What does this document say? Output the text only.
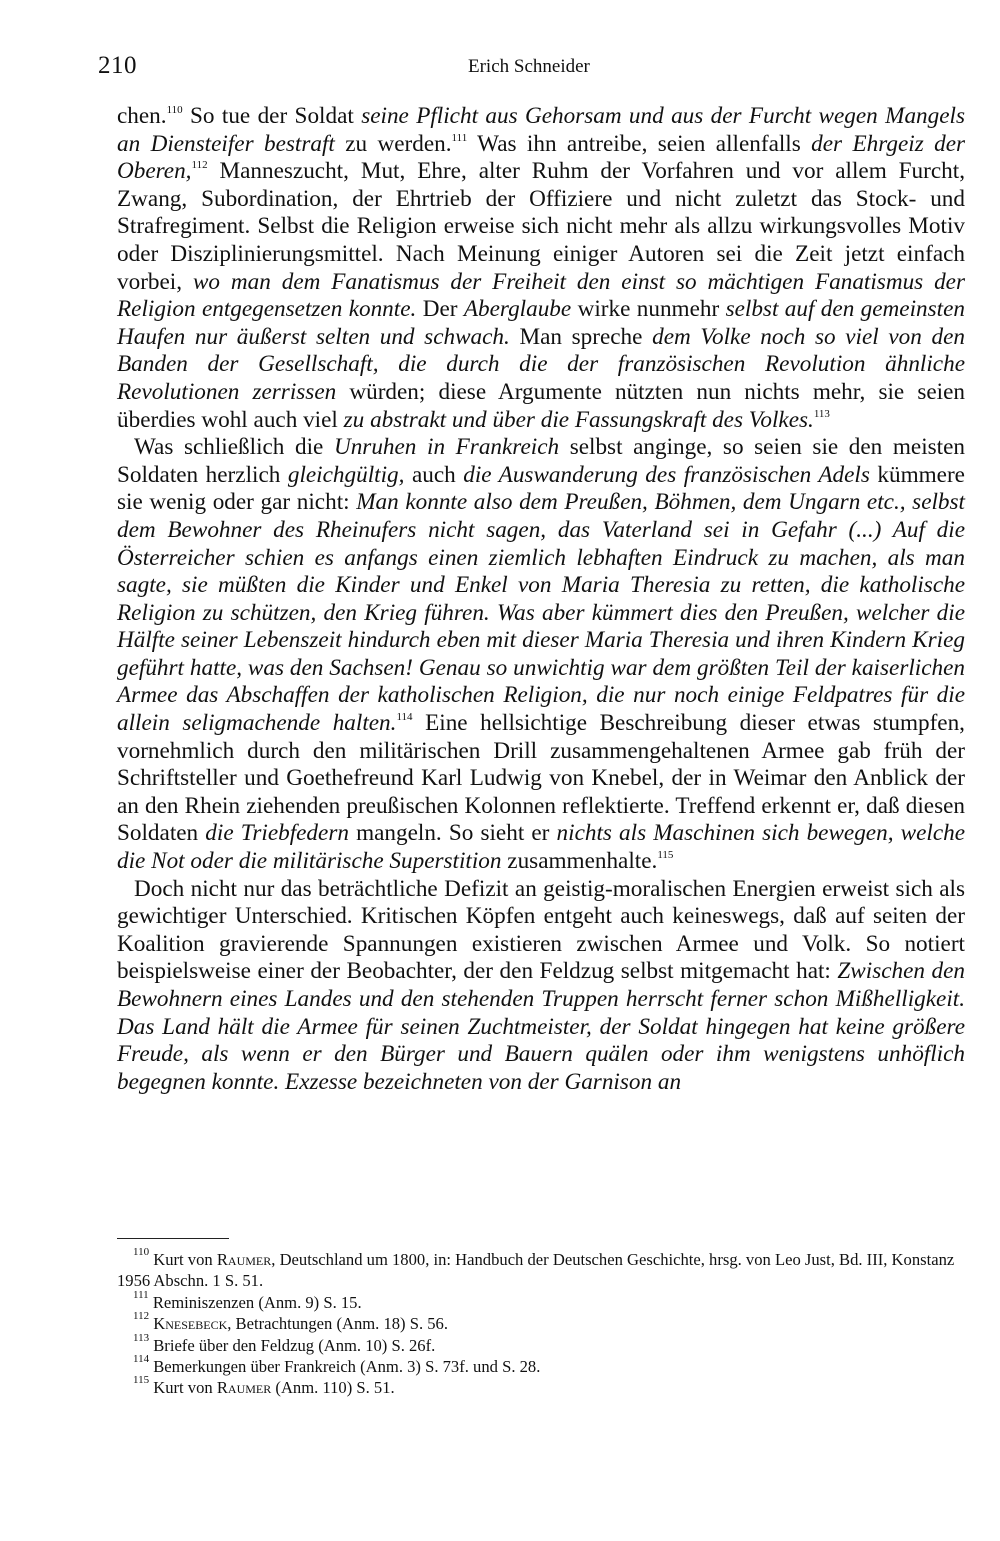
210	Erich Schneider

chen.$^{110}$ So tue der Soldat seine Pflicht aus Gehorsam und aus der Furcht wegen Mangels an Diensteifer bestraft zu werden.$^{111}$ Was ihn antreibe, seien allenfalls der Ehrgeiz der Oberen,$^{112}$ Manneszucht, Mut, Ehre, alter Ruhm der Vorfahren und vor allem Furcht, Zwang, Subordination, der Ehrtrieb der Offiziere und nicht zuletzt das Stock- und Strafregiment. Selbst die Religion erweise sich nicht mehr als allzu wirkungsvolles Motiv oder Disziplinierungsmittel. Nach Meinung einiger Autoren sei die Zeit jetzt einfach vorbei, wo man dem Fanatismus der Freiheit den einst so mächtigen Fanatismus der Religion entgegensetzen konnte. Der Aberglaube wirke nunmehr selbst auf den gemeinsten Haufen nur äußerst selten und schwach. Man spreche dem Volke noch so viel von den Banden der Gesellschaft, die durch die der französischen Revolution ähnliche Revolutionen zerrissen würden; diese Argumente nützten nun nichts mehr, sie seien überdies wohl auch viel zu abstrakt und über die Fassungskraft des Volkes.$^{113}$

Was schließlich die Unruhen in Frankreich selbst anginge, so seien sie den meisten Soldaten herzlich gleichgültig, auch die Auswanderung des französischen Adels kümmere sie wenig oder gar nicht: Man konnte also dem Preußen, Böhmen, dem Ungarn etc., selbst dem Bewohner des Rheinufers nicht sagen, das Vaterland sei in Gefahr (...) Auf die Österreicher schien es anfangs einen ziemlich lebhaften Eindruck zu machen, als man sagte, sie müßten die Kinder und Enkel von Maria Theresia zu retten, die katholische Religion zu schützen, den Krieg führen. Was aber kümmert dies den Preußen, welcher die Hälfte seiner Lebenszeit hindurch eben mit dieser Maria Theresia und ihren Kindern Krieg geführt hatte, was den Sachsen! Genau so unwichtig war dem größten Teil der kaiserlichen Armee das Abschaffen der katholischen Religion, die nur noch einige Feldpatres für die allein seligmachende halten.$^{114}$ Eine hellsichtige Beschreibung dieser etwas stumpfen, vornehmlich durch den militärischen Drill zusammengehaltenen Armee gab früh der Schriftsteller und Goethefreund Karl Ludwig von Knebel, der in Weimar den Anblick der an den Rhein ziehenden preußischen Kolonnen reflektierte. Treffend erkennt er, daß diesen Soldaten die Triebfedern mangeln. So sieht er nichts als Maschinen sich bewegen, welche die Not oder die militärische Superstition zusammenhalte.$^{115}$

Doch nicht nur das beträchtliche Defizit an geistig-moralischen Energien erweist sich als gewichtiger Unterschied. Kritischen Köpfen entgeht auch keineswegs, daß auf seiten der Koalition gravierende Spannungen existieren zwischen Armee und Volk. So notiert beispielsweise einer der Beobachter, der den Feldzug selbst mitgemacht hat: Zwischen den Bewohnern eines Landes und den stehenden Truppen herrscht ferner schon Mißhelligkeit. Das Land hält die Armee für seinen Zuchtmeister, der Soldat hingegen hat keine größere Freude, als wenn er den Bürger und Bauern quälen oder ihm wenigstens unhöflich begegnen konnte. Exzesse bezeichneten von der Garnison an

$^{110}$ Kurt von Raumer, Deutschland um 1800, in: Handbuch der Deutschen Geschichte, hrsg. von Leo Just, Bd. III, Konstanz 1956 Abschn. 1 S. 51.

$^{111}$ Reminiszenzen (Anm. 9) S. 15.

$^{112}$ Knesebeck, Betrachtungen (Anm. 18) S. 56.

$^{113}$ Briefe über den Feldzug (Anm. 10) S. 26f.

$^{114}$ Bemerkungen über Frankreich (Anm. 3) S. 73f. und S. 28.

$^{115}$ Kurt von Raumer (Anm. 110) S. 51.
